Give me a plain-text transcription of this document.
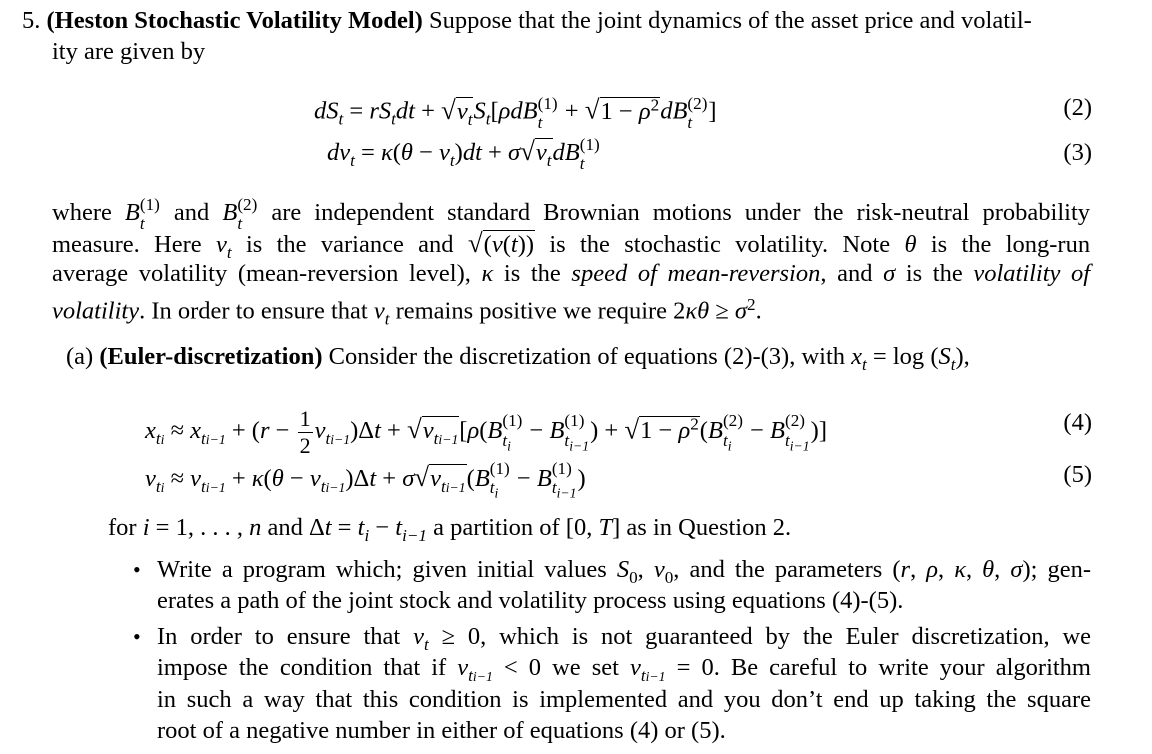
5. (Heston Stochastic Volatility Model) Suppose that the joint dynamics of the asset price and volatil-
ity are given by
$dS_t = rS_tdt + √v_tS_t[\rho dB$ (1)
$t + √1 - \rho^2dB$ (2)
t ]	(2)
$dv_t = \kappa(\theta - v_t)dt + \sigma√v_tdB$ (1)
t	(3)
where B (1)
t	and B (2)
t	are independent standard Brownian motions under the risk-neutral probability
measure. Here $v_t$ is the variance and √(v(t)) is the stochastic volatility. Note θ is the long-run
average volatility (mean-reversion level), κ is the speed of mean-reversion, and σ is the volatility of
volatility. In order to ensure that $v_t$ remains positive we require $2\kappa\theta \ge \sigma^2$.
(a) (Euler-discretization) Consider the discretization of equations (2)-(3), with $x_t = \log (S_t)$,
$x_{ti} \approx x_{ti-1} + (r - \frac{1}{2} v_{ti-1})\Delta t + √v_{ti-1}[\rho(B$ (1)
$t_i$
− B (1)
$t_{i-1}$
) + $√1 - \rho^2(B$ (2)
$t_i$
− B (2)
$t_{i-1}$
)]	(4)
$v_{ti} \approx v_{ti-1} + \kappa(\theta - v_{ti-1})\Delta t + \sigma√v_{ti-1}(B$ (1)
$t_i$
− B (1)
$t_{i-1}$
)	(5)
for i = 1, . . . , n and $\Delta t = t_i - t_{i-1}$ a partition of [0, T] as in Question 2.
• Write a program which; given initial values $S_0$, $v_0$, and the parameters (r, ρ, κ, θ, σ); gen-
erates a path of the joint stock and volatility process using equations (4)-(5).
• In order to ensure that $v_t \ge 0$, which is not guaranteed by the Euler discretization, we
impose the condition that if $v_{ti-1} < 0$ we set $v_{ti-1} = 0$. Be careful to write your algorithm
in such a way that this condition is implemented and you don’t end up taking the square
root of a negative number in either of equations (4) or (5).
